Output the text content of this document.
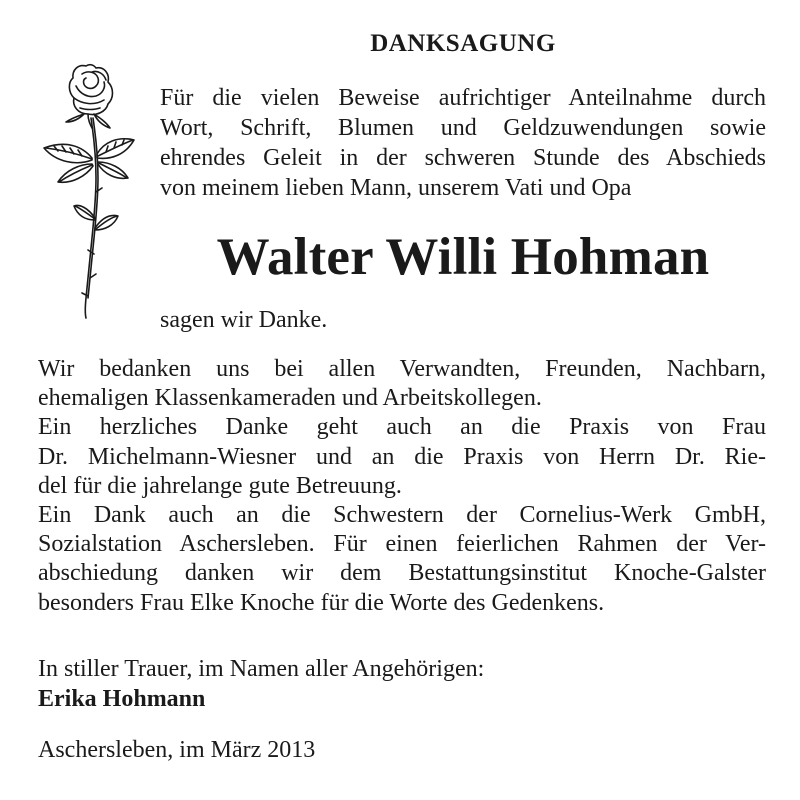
DANKSAGUNG
Für die vielen Beweise aufrichtiger Anteilnahme durch
Wort, Schrift, Blumen und Geldzuwendungen sowie
ehrendes Geleit in der schweren Stunde des Abschieds
von meinem lieben Mann, unserem Vati und Opa
Walter Willi Hohman
sagen wir Danke.
Wir bedanken uns bei allen Verwandten, Freunden, Nachbarn,
ehemaligen Klassenkameraden und Arbeitskollegen.
Ein herzliches Danke geht auch an die Praxis von Frau
Dr. Michelmann-Wiesner und an die Praxis von Herrn Dr. Rie-
del für die jahrelange gute Betreuung.
Ein Dank auch an die Schwestern der Cornelius-Werk GmbH,
Sozialstation Aschersleben. Für einen feierlichen Rahmen der Ver-
abschiedung danken wir dem Bestattungsinstitut Knoche-Galster
besonders Frau Elke Knoche für die Worte des Gedenkens.
In stiller Trauer, im Namen aller Angehörigen:
Erika Hohmann
Aschersleben, im März 2013
